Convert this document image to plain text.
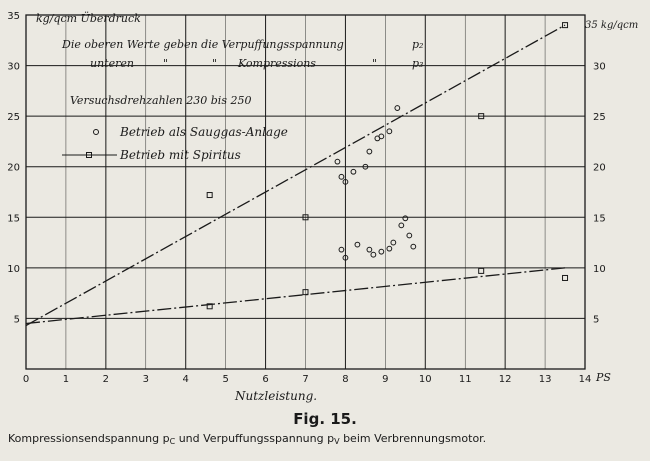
0	1	2	3	4	5	6	7	8	9	10	11	12	13	14
5
10
15
20
25
30
35
5
10
15
20
25
30
kg/qcm Überdruck
35 kg/qcm
PS
Nutzleistung.
Die oberen Werte geben die Verpuffungsspannung
unteren	"	" Kompressions	"
p₂
p₃
Versuchsdrehzahlen 230 bis 250
Betrieb als Sauggas-Anlage
Betrieb mit Spiritus
Fig. 15.
Kompressionsendspannung $p_C$ und Verpuffungsspannung $p_V$ beim Verbrennungsmotor.
